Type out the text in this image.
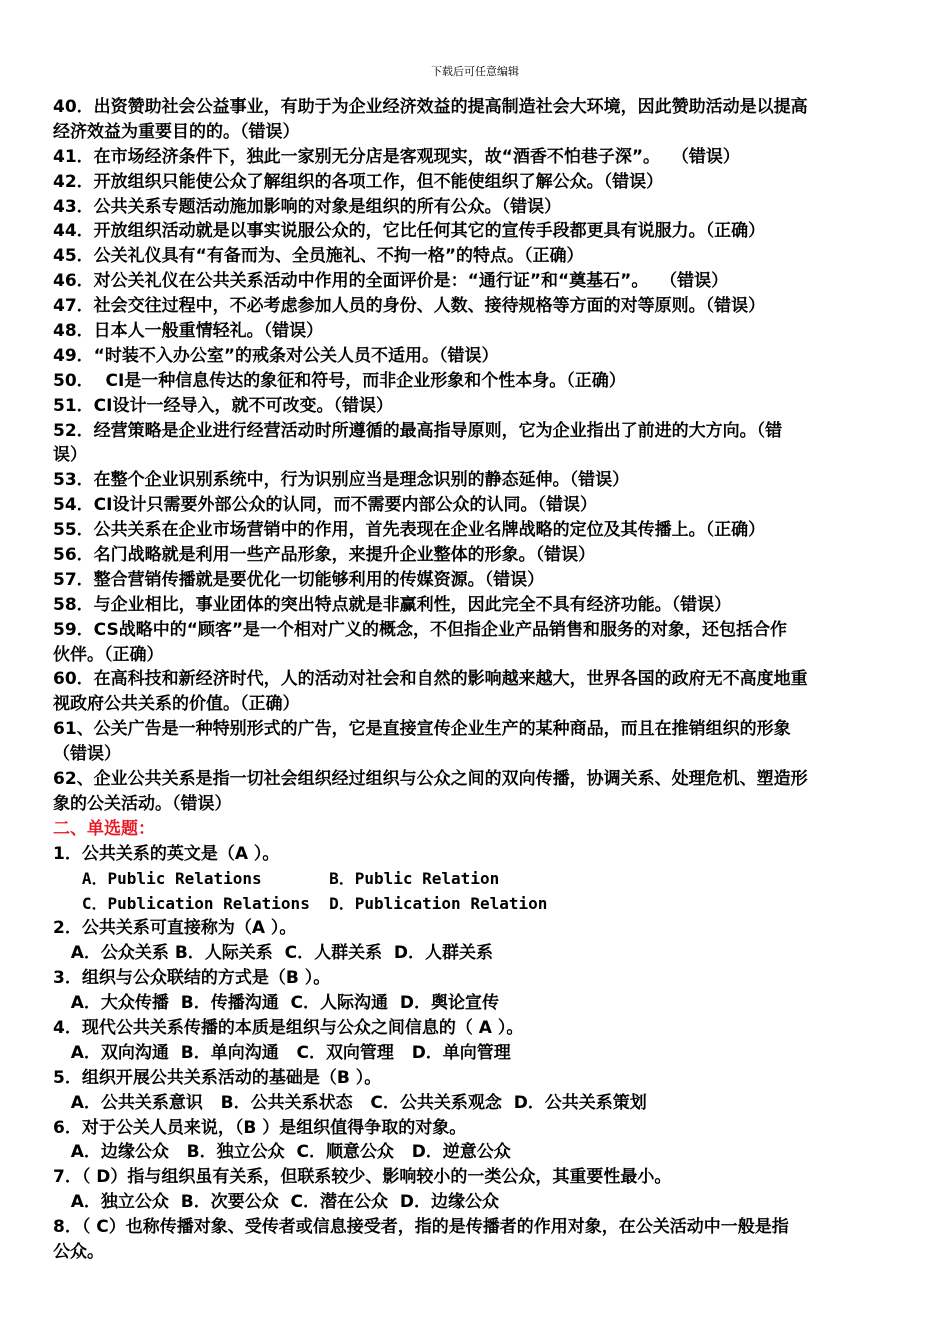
下载后可任意编辑
40．出资赞助社会公益事业，有助于为企业经济效益的提高制造社会大环境，因此赞助活动是以提高
经济效益为重要目的的。（错误）
41．在市场经济条件下，独此一家别无分店是客观现实，故“酒香不怕巷子深”。  （错误）
42．开放组织只能使公众了解组织的各项工作，但不能使组织了解公众。（错误）
43．公共关系专题活动施加影响的对象是组织的所有公众。（错误）
44．开放组织活动就是以事实说服公众的，它比任何其它的宣传手段都更具有说服力。（正确）
45．公关礼仪具有“有备而为、全员施礼、不拘一格”的特点。（正确）
46．对公关礼仪在公共关系活动中作用的全面评价是：“通行证”和“奠基石”。  （错误）
47．社会交往过程中，不必考虑参加人员的身份、人数、接待规格等方面的对等原则。（错误）
48．日本人一般重情轻礼。（错误）
49．“时装不入办公室”的戒条对公关人员不适用。（错误）
50．  CI是一种信息传达的象征和符号，而非企业形象和个性本身。（正确）
51．CI设计一经导入，就不可改变。（错误）
52．经营策略是企业进行经营活动时所遵循的最高指导原则，它为企业指出了前进的大方向。（错
误）
53．在整个企业识别系统中，行为识别应当是理念识别的静态延伸。（错误）
54．CI设计只需要外部公众的认同，而不需要内部公众的认同。（错误）
55．公共关系在企业市场营销中的作用，首先表现在企业名牌战略的定位及其传播上。（正确）
56．名门战略就是利用一些产品形象，来提升企业整体的形象。（错误）
57．整合营销传播就是要优化一切能够利用的传媒资源。（错误）
58．与企业相比，事业团体的突出特点就是非赢利性，因此完全不具有经济功能。（错误）
59．CS战略中的“顾客”是一个相对广义的概念，不但指企业产品销售和服务的对象，还包括合作
伙伴。（正确）
60．在高科技和新经济时代，人的活动对社会和自然的影响越来越大，世界各国的政府无不高度地重
视政府公共关系的价值。（正确）
61、公关广告是一种特别形式的广告，它是直接宣传企业生产的某种商品，而且在推销组织的形象
（错误）
62、企业公共关系是指一切社会组织经过组织与公众之间的双向传播，协调关系、处理危机、塑造形
象的公关活动。（错误）
二、单选题：
1．公共关系的英文是（A ）。
A．Public Relations       B．Public Relation
C．Publication Relations  D．Publication Relation
2．公共关系可直接称为（A ）。
A．公众关系 B．人际关系  C．人群关系  D．人群关系
3．组织与公众联结的方式是（B ）。
A．大众传播  B．传播沟通  C．人际沟通  D．舆论宣传
4．现代公共关系传播的本质是组织与公众之间信息的（ A ）。
A．双向沟通  B．单向沟通   C．双向管理   D．单向管理
5．组织开展公共关系活动的基础是（B ）。
A．公共关系意识   B．公共关系状态   C．公共关系观念  D．公共关系策划
6．对于公关人员来说，（B ）是组织值得争取的对象。
A．边缘公众   B．独立公众  C．顺意公众   D．逆意公众
7．（ D）指与组织虽有关系，但联系较少、影响较小的一类公众，其重要性最小。
A．独立公众  B．次要公众  C．潜在公众  D．边缘公众
8．（ C）也称传播对象、受传者或信息接受者，指的是传播者的作用对象，在公关活动中一般是指
公众。
